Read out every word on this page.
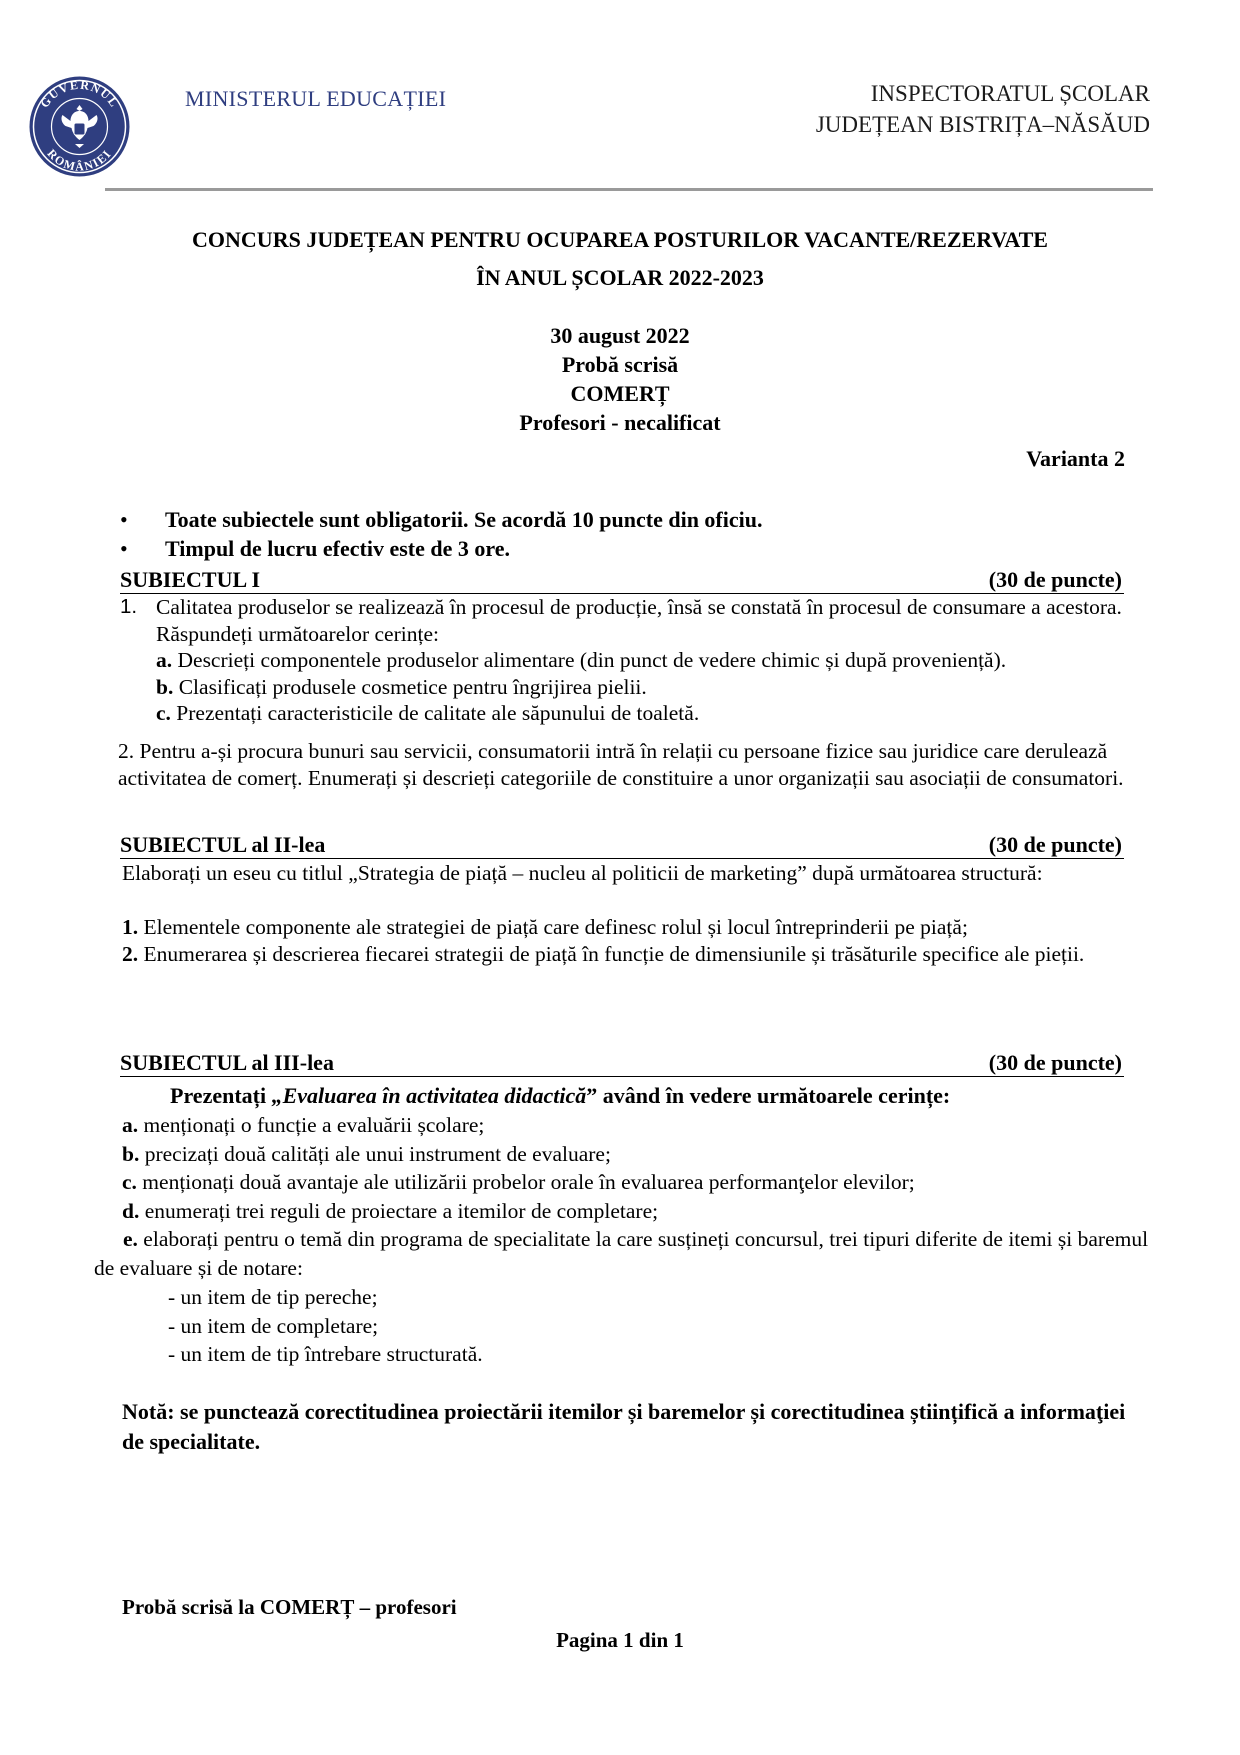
GUVERNUL
ROMÂNIEI
MINISTERUL EDUCAȚIEI	INSPECTORATUL ȘCOLAR
JUDEȚEAN BISTRIȚA–NĂSĂUD
CONCURS JUDEȚEAN PENTRU OCUPAREA POSTURILOR VACANTE/REZERVATE
ÎN ANUL ȘCOLAR 2022-2023
30 august 2022
Probă scrisă
COMERȚ
Profesori - necalificat
Varianta 2
• Toate subiectele sunt obligatorii. Se acordă 10 puncte din oficiu.
• Timpul de lucru efectiv este de 3 ore.
SUBIECTUL I	(30 de puncte)
1. Calitatea produselor se realizează în procesul de producție, însă se constată în procesul de consumare a acestora. Răspundeți următoarelor cerințe:
a. Descrieți componentele produselor alimentare (din punct de vedere chimic și după proveniență).
b. Clasificați produsele cosmetice pentru îngrijirea pielii.
c. Prezentați caracteristicile de calitate ale săpunului de toaletă.
2. Pentru a-și procura bunuri sau servicii, consumatorii intră în relații cu persoane fizice sau juridice care derulează activitatea de comerț. Enumerați și descrieți categoriile de constituire a unor organizații sau asociații de consumatori.
SUBIECTUL al II-lea	(30 de puncte)
Elaborați un eseu cu titlul „Strategia de piață – nucleu al politicii de marketing” după următoarea structură:
1. Elementele componente ale strategiei de piață care definesc rolul și locul întreprinderii pe piață;
2. Enumerarea și descrierea fiecarei strategii de piață în funcție de dimensiunile și trăsăturile specifice ale pieții.
SUBIECTUL al III-lea	(30 de puncte)
Prezentați „Evaluarea în activitatea didactică” având în vedere următoarele cerințe:
a. menționați o funcție a evaluării școlare;
b. precizați două calități ale unui instrument de evaluare;
c. menționați două avantaje ale utilizării probelor orale în evaluarea performanţelor elevilor;
d. enumerați trei reguli de proiectare a itemilor de completare;
e. elaborați pentru o temă din programa de specialitate la care susțineți concursul, trei tipuri diferite de itemi și baremul de evaluare și de notare:
- un item de tip pereche;
- un item de completare;
- un item de tip întrebare structurată.
Notă: se punctează corectitudinea proiectării itemilor și baremelor și corectitudinea științifică a informaţiei de specialitate.
Probă scrisă la COMERȚ – profesori
Pagina 1 din 1
